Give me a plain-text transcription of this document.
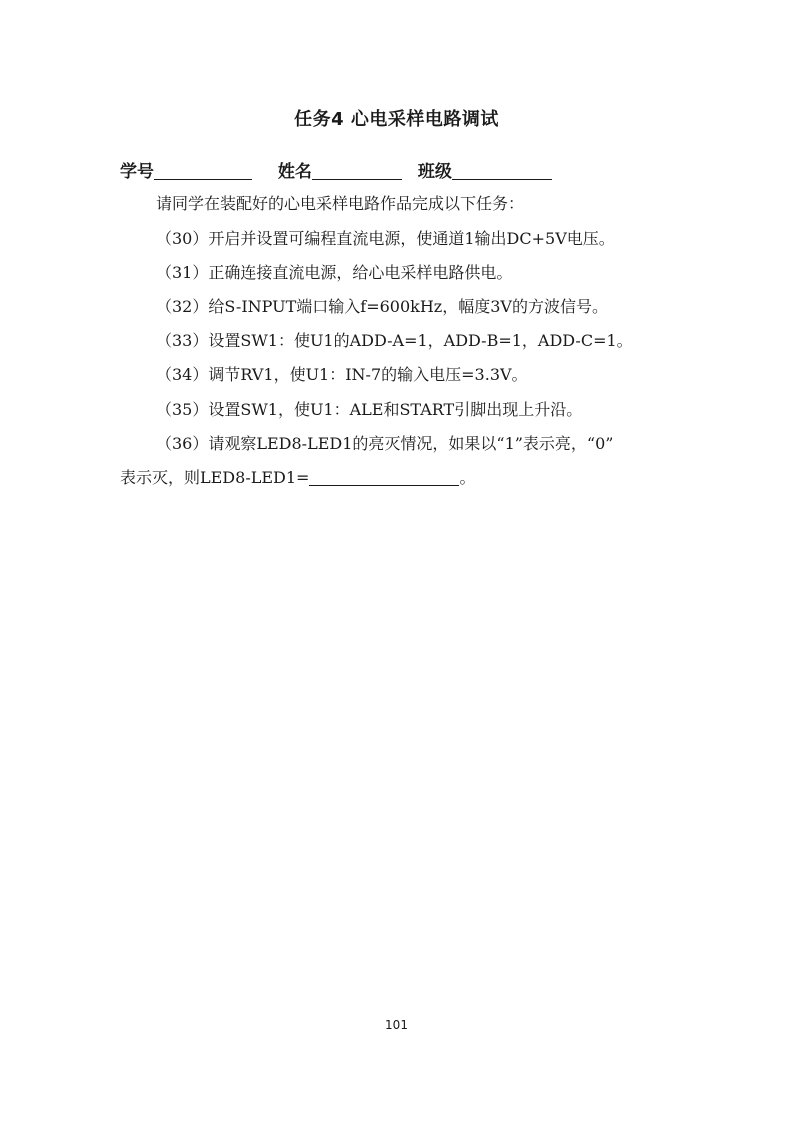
任务4 心电采样电路调试
学号	姓名	班级
请同学在装配好的心电采样电路作品完成以下任务：
（30）开启并设置可编程直流电源，使通道1输出DC+5V电压。
（31）正确连接直流电源，给心电采样电路供电。
（32）给S-INPUT端口输入f=600kHz，幅度3V的方波信号。
（33）设置SW1：使U1的ADD-A=1，ADD-B=1，ADD-C=1。
（34）调节RV1，使U1：IN-7的输入电压=3.3V。
（35）设置SW1，使U1：ALE和START引脚出现上升沿。
（36）请观察LED8-LED1的亮灭情况，如果以“1”表示亮，“0”
表示灭，则LED8-LED1=	。
101
